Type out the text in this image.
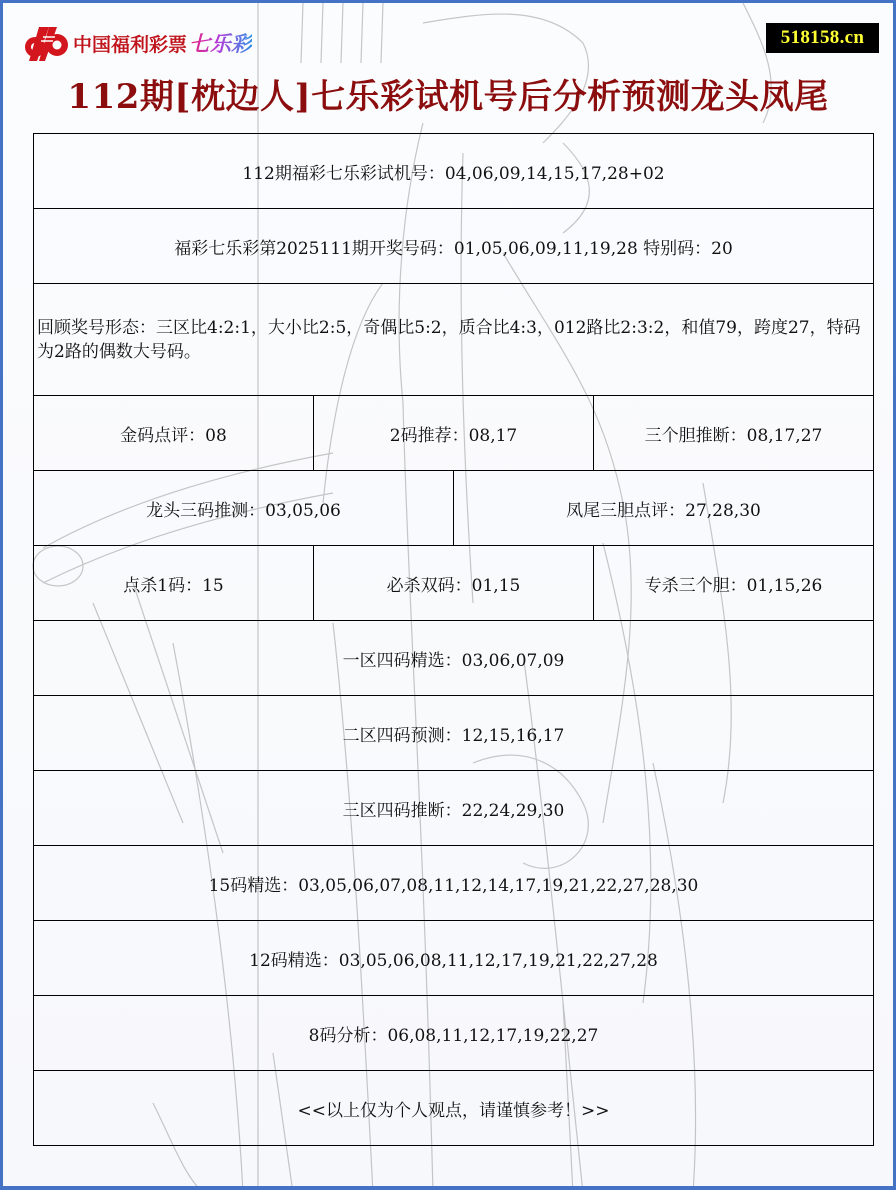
中国福利彩票 七乐彩	518158.cn
112期[枕边人]七乐彩试机号后分析预测龙头凤尾
112期福彩七乐彩试机号：04,06,09,14,15,17,28+02
福彩七乐彩第2025111期开奖号码：01,05,06,09,11,19,28 特别码：20
回顾奖号形态：三区比4:2:1，大小比2:5，奇偶比5:2，质合比4:3，012路比2:3:2，和值79，跨度27，特码为2路的偶数大号码。
金码点评：08	2码推荐：08,17	三个胆推断：08,17,27
龙头三码推测：03,05,06	凤尾三胆点评：27,28,30
点杀1码：15	必杀双码：01,15	专杀三个胆：01,15,26
一区四码精选：03,06,07,09
二区四码预测：12,15,16,17
三区四码推断：22,24,29,30
15码精选：03,05,06,07,08,11,12,14,17,19,21,22,27,28,30
12码精选：03,05,06,08,11,12,17,19,21,22,27,28
8码分析：06,08,11,12,17,19,22,27
<<以上仅为个人观点，请谨慎参考！>>
